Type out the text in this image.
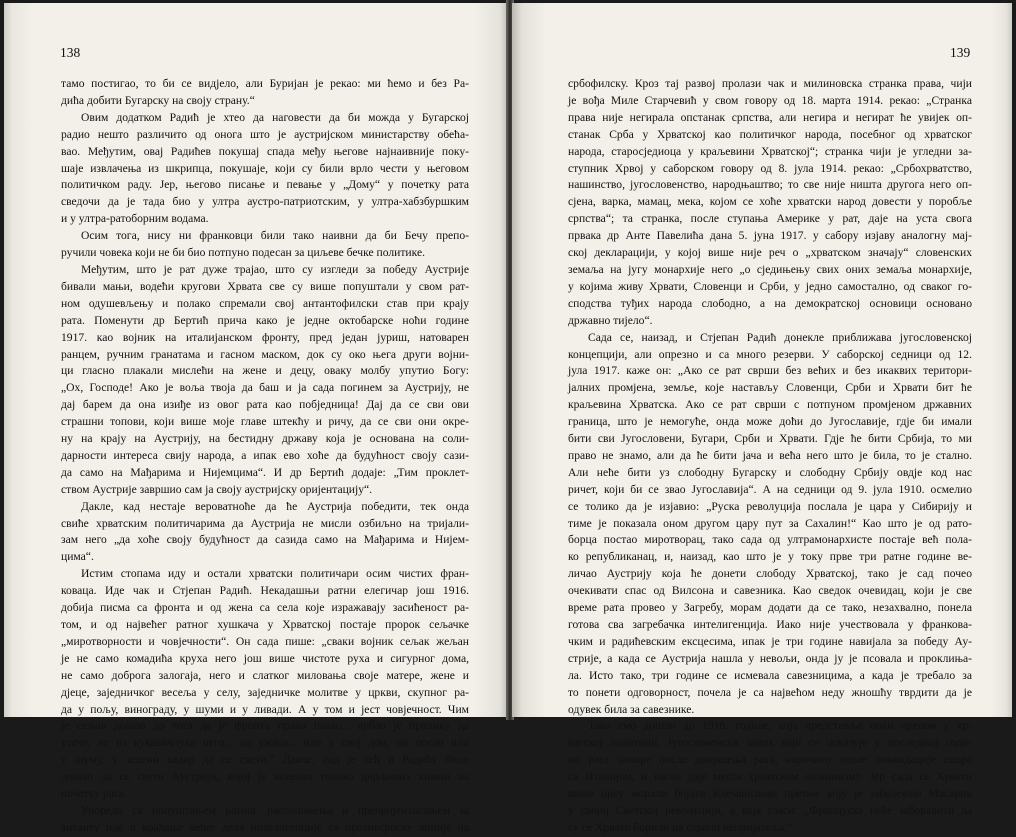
138
тамо постигао, то би се видјело, али Буријан је рекао: ми ћемо и без Ра-
дића добити Бугарску на своју страну.“
Овим додатком Радић је хтео да наговести да би можда у Бугарској
радио нешто различито од онога што је аустријском министарству обећа-
вао. Међутим, овај Радићев покушај спада међу његове најнаивније поку-
шаје извлачења из шкрипца, покушаје, који су били врло чести у његовом
политичком раду. Јер, његово писање и певање у „Дому“ у почетку рата
сведочи да је тада био у ултра аустро-патриотским, у ултра-хабзбуршким
и у ултра-ратоборним водама.
Осим тога, нису ни франковци били тако наивни да би Бечу препо-
ручили човека који не би био потпуно подесан за циљеве бечке политике.
Међутим, што је рат дуже трајао, што су изгледи за победу Аустрије
бивали мањи, водећи кругови Хрвата све су више попуштали у свом рат-
ном одушевљењу и полако спремали свој антантофилски став при крају
рата. Поменути др Бертић прича како је једне октобарске ноћи године
1917. као војник на италијанском фронту, пред један јуриш, натоварен
ранцем, ручним гранатама и гасном маском, док су око њега други војни-
ци гласно плакали мислећи на жене и децу, оваку молбу упутио Богу:
„Ох, Господе! Ако је воља твоја да баш и ја сада погинем за Аустрију, не
дај барем да она изиђе из овог рата као побједница! Дај да се сви ови
страшни топови, који више моје главе штекћу и ричу, да се сви они окре-
ну на крају на Аустрију, на бестидну државу која је основана на соли-
дарности интереса свију народа, а ипак ево хоће да будућност своју сази-
да само на Мађарима и Нијемцима“. И др Бертић додаје: „Тим проклет-
ством Аустрије завршио сам ја своју аустријску оријентацију“.
Дакле, кад нестаје вероватноће да ће Аустрија победити, тек онда
свиће хрватским политичарима да Аустрија не мисли озбиљно на тријали-
зам него „да хоће своју будућност да сазида само на Мађарима и Нијем-
цима“.
Истим стопама иду и остали хрватски политичари осим чистих фран-
коваца. Иде чак и Стјепан Радић. Некадашњи ратни елегичар још 1916.
добија писма са фронта и од жена са села које изражавају засићеност ра-
том, и од највећег ратног хушкача у Хрватској постаје пророк сељачке
„миротворности и човјечности“. Он сада пише: „сваки војник сељак жељан
је не само комадића круха него још више чистоте руха и сигурног дома,
не само доброга залогаја, него и слатког миловања своје матере, жене и
дјеце, заједничког весеља у селу, заједничке молитве у цркви, скупног ра-
да у пољу, винограду, у шуми и у ливади. А у том и јест човјечност. Чим
је сељак дошао до тога да је фронта прави пакао... врбао је прилику да
утече, не из кукавичлука него... од ужаса... или у свој дом, на посао или
у шуму, у зелени кадар да се свети.“ Дакле, сад је већ и Радићу било
дошло да се свети Аустрији, којој је испевао толико дирљивих химни на
почетку рата.
Упоредо са попуштањем ратног расположења и преоријентисањем за
антанту иде и враћање већег дела интелигенције са противсрпске линије на
139
србофилску. Кроз тај развој пролази чак и милиновска странка права, чији
је вођа Миле Старчевић у свом говору од 18. марта 1914. рекао: „Странка
права није негирала опстанак српства, али негира и негират ће увијек оп-
станак Срба у Хрватској као политичког народа, посебног од хрватског
народа, старосједиоца у краљевини Хрватској“; странка чији је угледни за-
ступник Хрвој у саборском говору од 8. јула 1914. рекао: „Србохрватство,
нашинство, југословенство, народњаштво; то све није ништа другога него оп-
сјена, варка, мамац, мека, којом се хоће хрватски народ довести у поробље
српства“; та странка, после ступања Америке у рат, даје на уста свога
првака др Анте Павелића дана 5. јуна 1917. у сабору изјаву аналогну мај-
ској декларацији, у којој више није реч о „хрватском значају“ словенских
земаља на југу монархије него „о сједињењу свих оних земаља монархије,
у којима живу Хрвати, Словенци и Срби, у једно самостално, од сваког го-
сподства туђих народа слободно, а на демократској основици основано
државно тијело“.
Сада се, наизад, и Стјепан Радић донекле приближава југословенској
концепцији, али опрезно и са много резерви. У саборској седници од 12.
јула 1917. каже он: „Ако се рат сврши без већих и без икаквих територи-
јалних промјена, земље, које настављу Словенци, Срби и Хрвати бит ће
краљевина Хрватска. Ако се рат сврши с потпуном промјеном државних
граница, што је немогуће, онда може доћи до Југославије, гдје би имали
бити сви Југословени, Бугари, Срби и Хрвати. Гдје ће бити Србија, то ми
право не знамо, али да ће бити јача и већа него што је била, то је стално.
Али неће бити уз слободну Бугарску и слободну Србију овдје код нас
ричет, који би се звао Југославија“. А на седници од 9. јула 1910. осмелио
се толико да је изјавио: „Руска револуција послала је цара у Сибирију и
тиме је показала оном другом цару пут за Сахалин!“ Као што је од рато-
борца постао миротворац, тако сада од ултрамонархисте постаје већ пола-
ко републиканац, и, наизад, као што је у току прве три ратне године ве-
личао Аустрију која ће донети слободу Хрватској, тако је сад почео
очекивати спас од Вилсона и савезника. Као сведок очевидац, који је све
време рата провео у Загребу, морам додати да се тако, незахвално, понела
готова сва загребачка интелигенција. Иако није учествовала у франкова-
чким и радићевским ексцесима, ипак је три године навијала за победу Ау-
стрије, а када се Аустрија нашла у невољи, онда ју је псовала и проклиња-
ла. Исто тако, три године се исмевала савезницима, а када је требало за
то понети одговорност, почела је са највећом неду жношћу тврдити да је
одувек била за савезнике.
Тако смо дошли до 1918. године, која представља нови прелом у хр-
ватској политици. Југословенски замах који се показује у последњој годи-
ни рата замире после довршења рата, нарочито после ликвидације спора
са Италијом, и нагло даје места хрватском шовинизму. Јер сада се Хрвати
више нису морали бојати Клемансоове претње коју је забележио Масарик
у својој Светској револуцији, а која гласи: „Француска неће заборавити да
су се Хрвати борили на страни непријатеља.“
